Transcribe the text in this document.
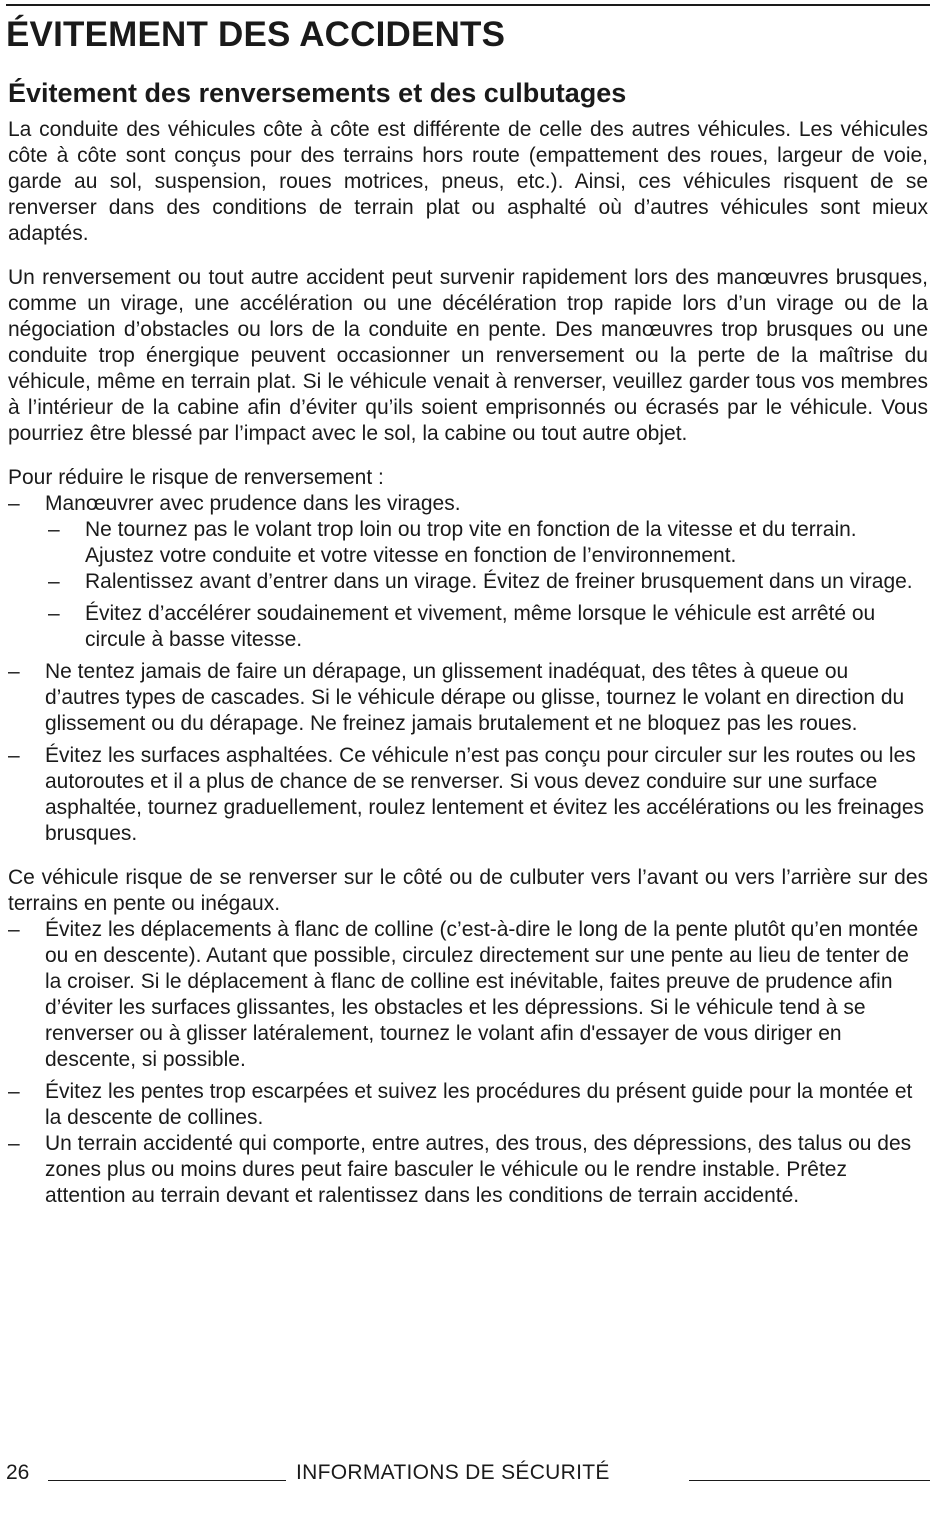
ÉVITEMENT DES ACCIDENTS
Évitement des renversements et des culbutages

La conduite des véhicules côte à côte est différente de celle des autres véhicules. Les véhicules côte à côte sont conçus pour des terrains hors route (empattement des roues, largeur de voie, garde au sol, suspension, roues motrices, pneus, etc.). Ainsi, ces véhicules risquent de se renverser dans des conditions de terrain plat ou asphalté où d’autres véhicules sont mieux adaptés.

Un renversement ou tout autre accident peut survenir rapidement lors des manœuvres brusques, comme un virage, une accélération ou une décélération trop rapide lors d’un virage ou de la négociation d’obstacles ou lors de la conduite en pente. Des manœuvres trop brusques ou une conduite trop énergique peuvent occasionner un renversement ou la perte de la maîtrise du véhicule, même en terrain plat. Si le véhicule venait à renverser, veuillez garder tous vos membres à l’intérieur de la cabine afin d’éviter qu’ils soient emprisonnés ou écrasés par le véhicule. Vous pourriez être blessé par l’impact avec le sol, la cabine ou tout autre objet.

Pour réduire le risque de renversement :

– Manœuvrer avec prudence dans les virages.
– Ne tournez pas le volant trop loin ou trop vite en fonction de la vitesse et du terrain. Ajustez votre conduite et votre vitesse en fonction de l’environnement.
– Ralentissez avant d’entrer dans un virage. Évitez de freiner brusquement dans un virage.
– Évitez d’accélérer soudainement et vivement, même lorsque le véhicule est arrêté ou circule à basse vitesse.
– Ne tentez jamais de faire un dérapage, un glissement inadéquat, des têtes à queue ou d’autres types de cascades. Si le véhicule dérape ou glisse, tournez le volant en direction du glissement ou du dérapage. Ne freinez jamais brutalement et ne bloquez pas les roues.
– Évitez les surfaces asphaltées. Ce véhicule n’est pas conçu pour circuler sur les routes ou les autoroutes et il a plus de chance de se renverser. Si vous devez conduire sur une surface asphaltée, tournez graduellement, roulez lentement et évitez les accélérations ou les freinages brusques.

Ce véhicule risque de se renverser sur le côté ou de culbuter vers l’avant ou vers l’arrière sur des terrains en pente ou inégaux.

– Évitez les déplacements à flanc de colline (c’est-à-dire le long de la pente plutôt qu’en montée ou en descente). Autant que possible, circulez directement sur une pente au lieu de tenter de la croiser. Si le déplacement à flanc de colline est inévitable, faites preuve de prudence afin d’éviter les surfaces glissantes, les obstacles et les dépressions. Si le véhicule tend à se renverser ou à glisser latéralement, tournez le volant afin d'essayer de vous diriger en descente, si possible.
– Évitez les pentes trop escarpées et suivez les procédures du présent guide pour la montée et la descente de collines.
– Un terrain accidenté qui comporte, entre autres, des trous, des dépressions, des talus ou des zones plus ou moins dures peut faire basculer le véhicule ou le rendre instable. Prêtez attention au terrain devant et ralentissez dans les conditions de terrain accidenté.
26	INFORMATIONS DE SÉCURITÉ
